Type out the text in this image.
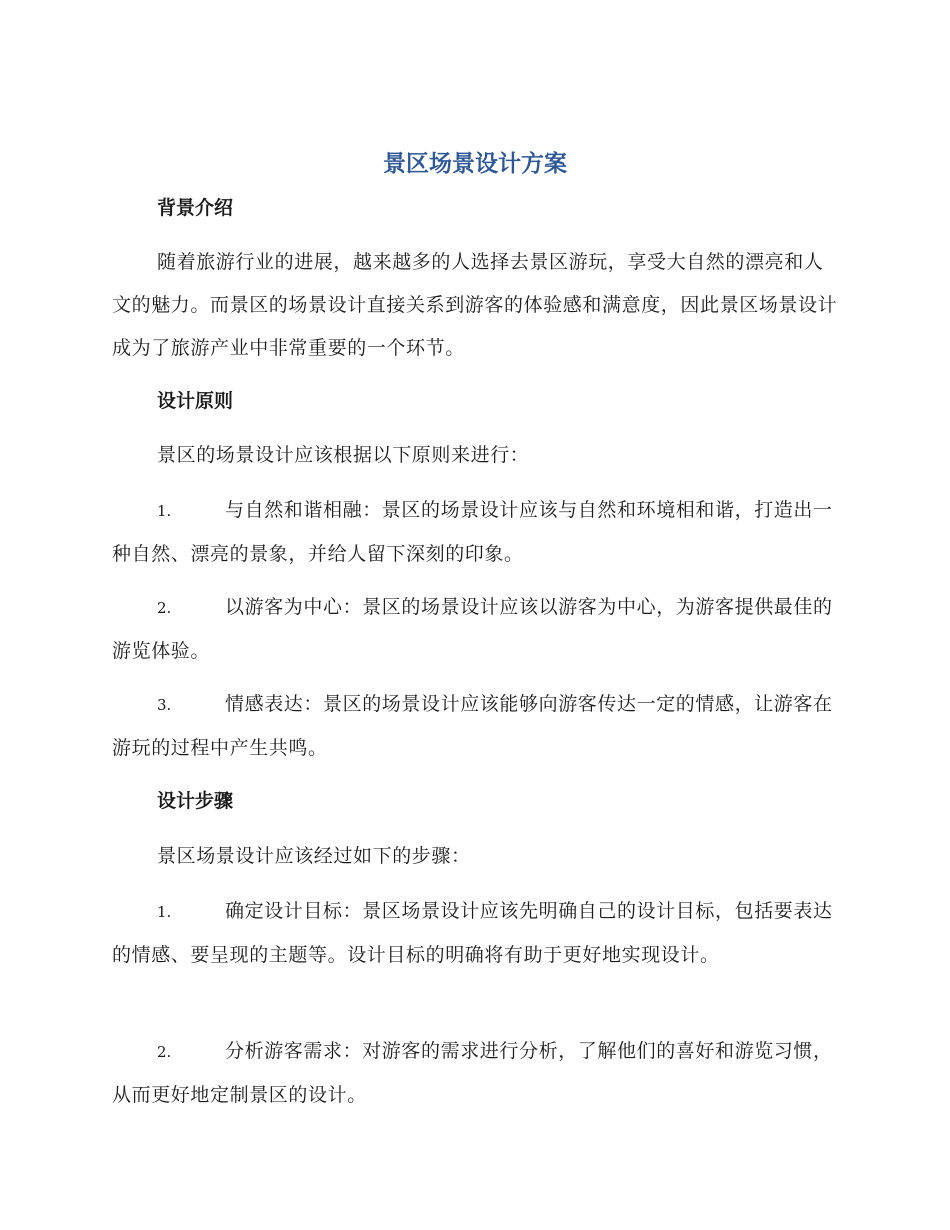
景区场景设计方案
背景介绍
随着旅游行业的进展，越来越多的人选择去景区游玩，享受大自然的漂亮和人文的魅力。而景区的场景设计直接关系到游客的体验感和满意度，因此景区场景设计成为了旅游产业中非常重要的一个环节。
设计原则
景区的场景设计应该根据以下原则来进行：
1.	与自然和谐相融：景区的场景设计应该与自然和环境相和谐，打造出一种自然、漂亮的景象，并给人留下深刻的印象。
2.	以游客为中心：景区的场景设计应该以游客为中心，为游客提供最佳的游览体验。
3.	情感表达：景区的场景设计应该能够向游客传达一定的情感，让游客在游玩的过程中产生共鸣。
设计步骤
景区场景设计应该经过如下的步骤：
1.	确定设计目标：景区场景设计应该先明确自己的设计目标，包括要表达的情感、要呈现的主题等。设计目标的明确将有助于更好地实现设计。
2.	分析游客需求：对游客的需求进行分析，了解他们的喜好和游览习惯，从而更好地定制景区的设计。
